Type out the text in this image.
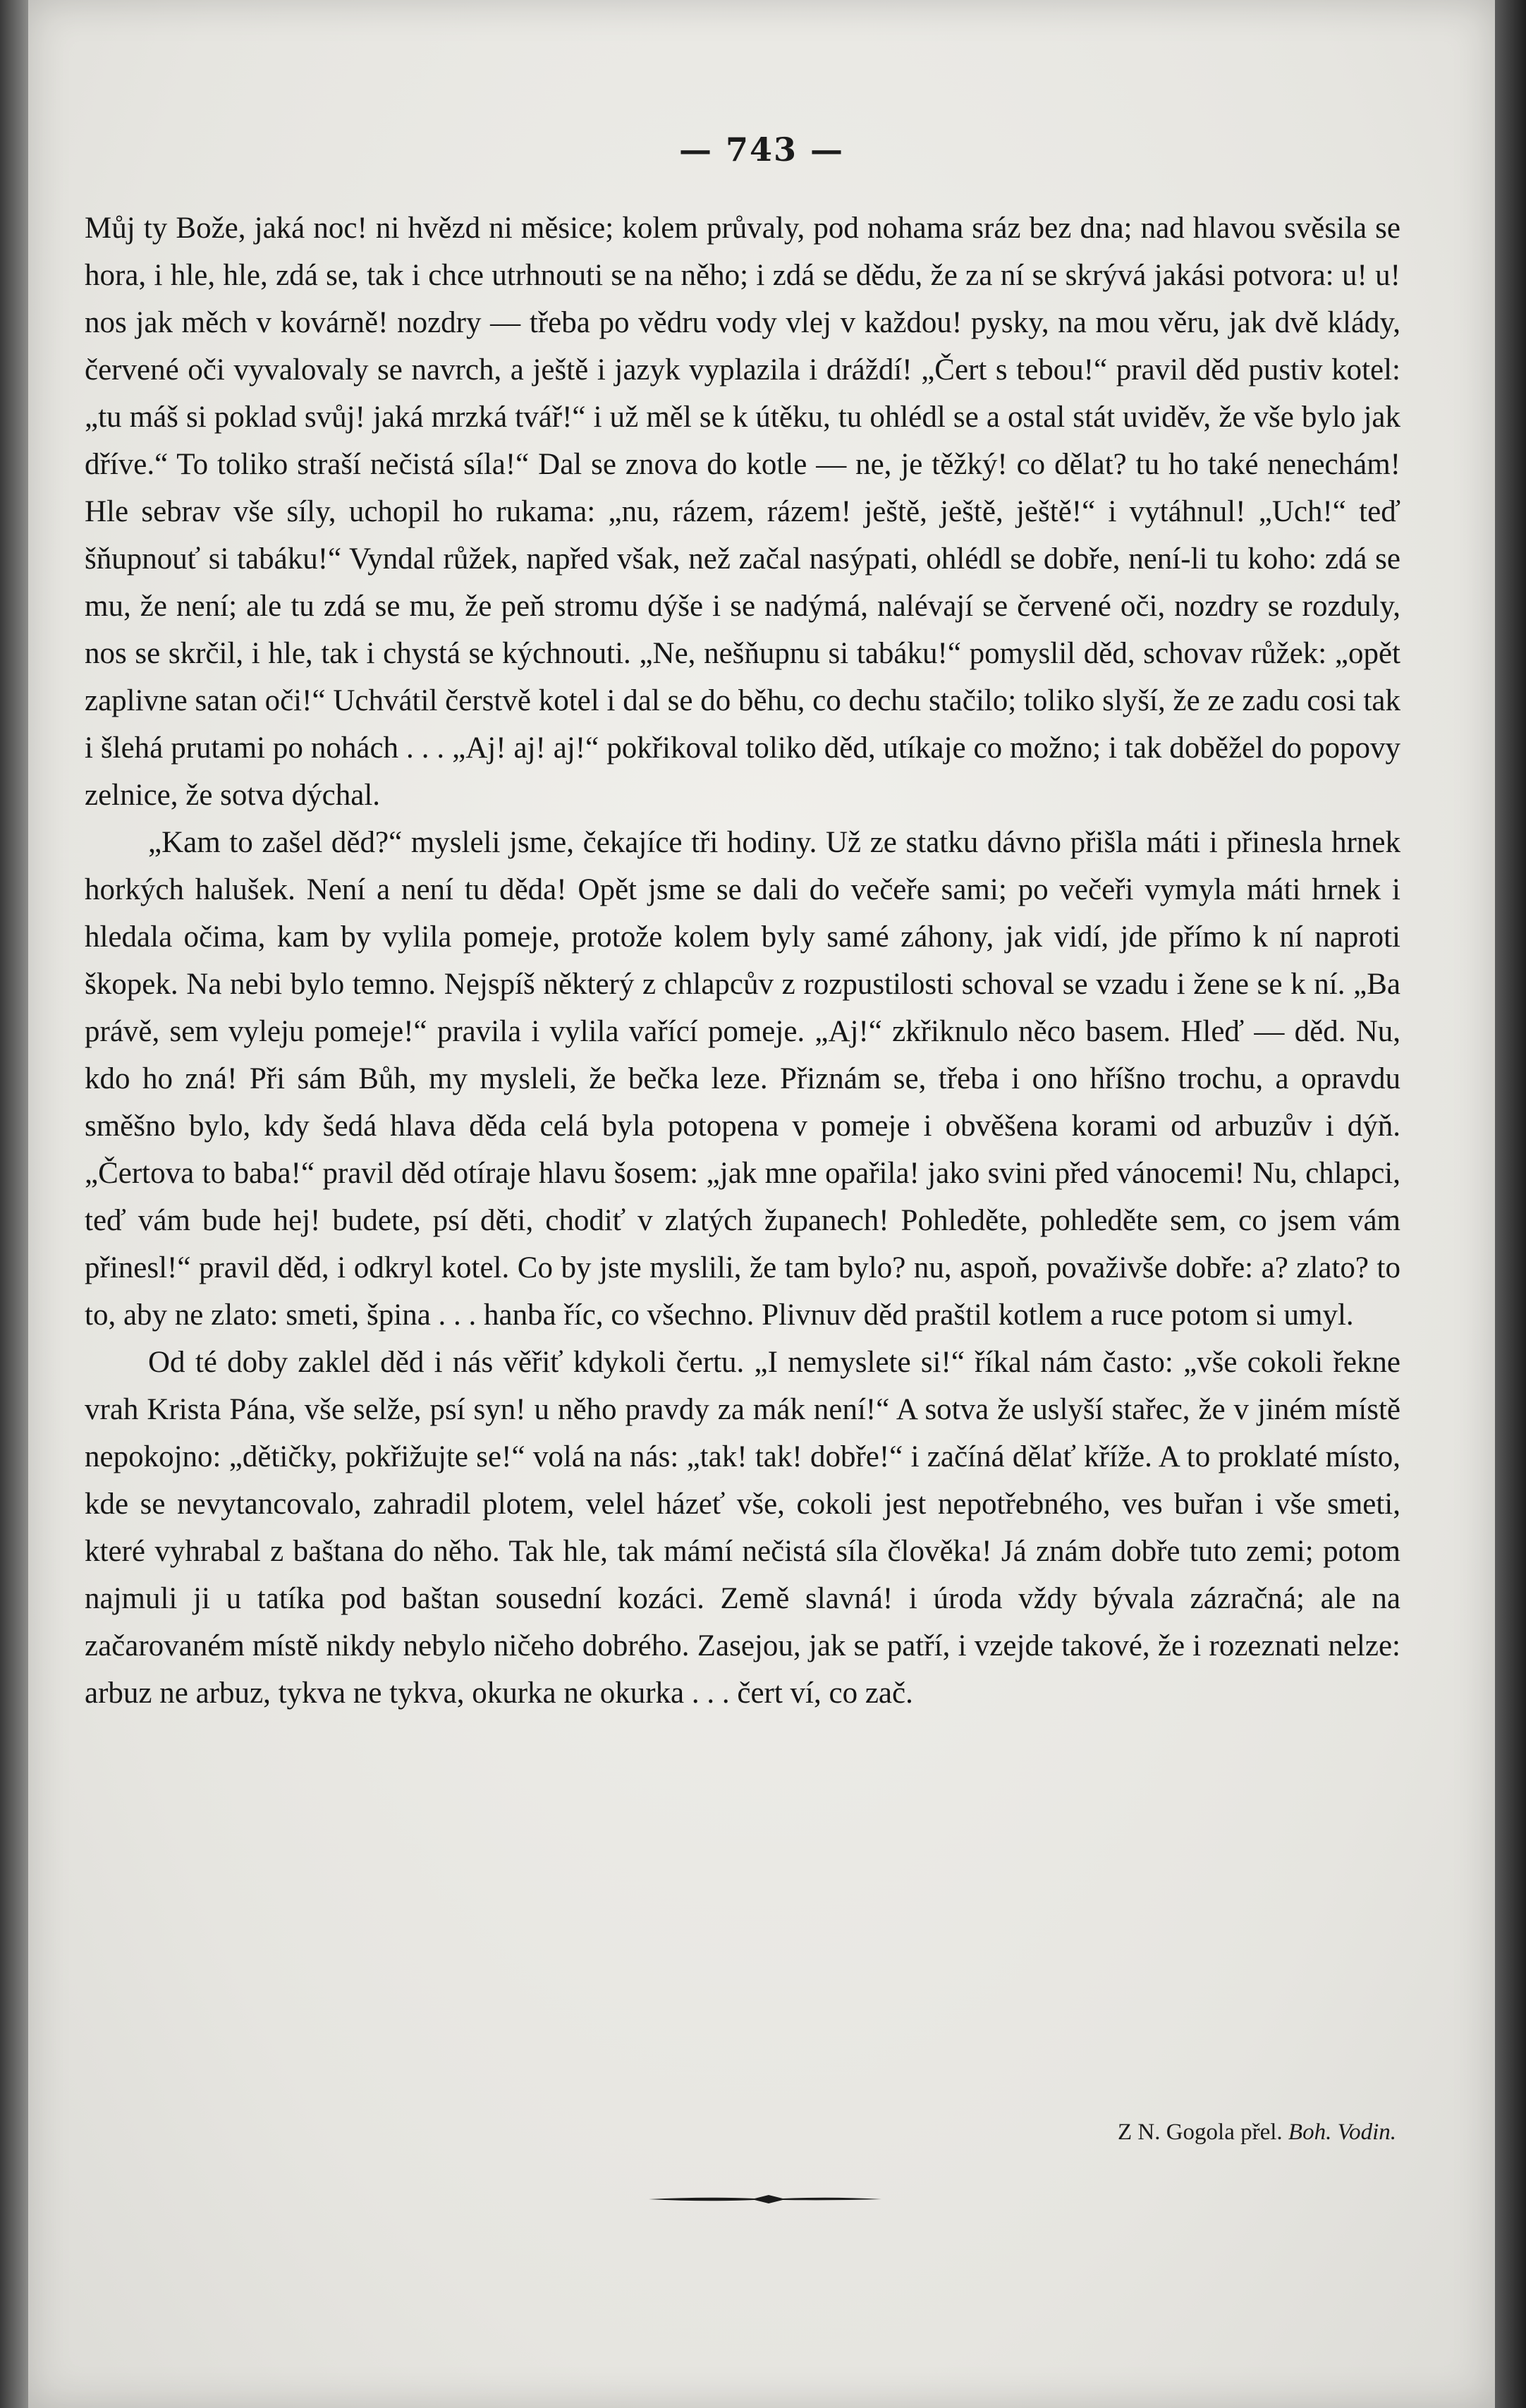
— 743 —

Můj ty Bože, jaká noc! ni hvězd ni měsice; kolem průvaly, pod nohama sráz bez dna; nad hlavou svěsila se hora, i hle, hle, zdá se, tak i chce utrhnouti se na něho; i zdá se dědu, že za ní se skrývá jakási potvora: u! u! nos jak měch v kovárně! nozdry — třeba po vědru vody vlej v každou! pysky, na mou věru, jak dvě klády, červené oči vyvalovaly se navrch, a ještě i jazyk vyplazila i dráždí! „Čert s tebou!“ pravil děd pustiv kotel: „tu máš si poklad svůj! jaká mrzká tvář!“ i už měl se k útěku, tu ohlédl se a ostal stát uviděv, že vše bylo jak dříve.“ To toliko straší nečistá síla!“ Dal se znova do kotle — ne, je těžký! co dělat? tu ho také nenechám! Hle sebrav vše síly, uchopil ho rukama: „nu, rázem, rázem! ještě, ještě, ještě!“ i vytáhnul! „Uch!“ teď šňupnouť si tabáku!“ Vyndal růžek, napřed však, než začal nasýpati, ohlédl se dobře, není-li tu koho: zdá se mu, že není; ale tu zdá se mu, že peň stromu dýše i se nadýmá, nalévají se červené oči, nozdry se rozduly, nos se skrčil, i hle, tak i chystá se kýchnouti. „Ne, nešňupnu si tabáku!“ pomyslil děd, schovav růžek: „opět zaplivne satan oči!“ Uchvátil čerstvě kotel i dal se do běhu, co dechu stačilo; toliko slyší, že ze zadu cosi tak i šlehá prutami po nohách . . . „Aj! aj! aj!“ pokřikoval toliko děd, utíkaje co možno; i tak doběžel do popovy zelnice, že sotva dýchal.

„Kam to zašel děd?“ mysleli jsme, čekajíce tři hodiny. Už ze statku dávno přišla máti i přinesla hrnek horkých halušek. Není a není tu děda! Opět jsme se dali do večeře sami; po večeři vymyla máti hrnek i hledala očima, kam by vylila pomeje, protože kolem byly samé záhony, jak vidí, jde přímo k ní naproti škopek. Na nebi bylo temno. Nejspíš některý z chlapcův z rozpustilosti schoval se vzadu i žene se k ní. „Ba právě, sem vyleju pomeje!“ pravila i vylila vařící pomeje. „Aj!“ zkřiknulo něco basem. Hleď — děd. Nu, kdo ho zná! Při sám Bůh, my mysleli, že bečka leze. Přiznám se, třeba i ono hříšno trochu, a opravdu směšno bylo, kdy šedá hlava děda celá byla potopena v pomeje i obvěšena korami od arbuzův i dýň. „Čertova to baba!“ pravil děd otíraje hlavu šosem: „jak mne opařila! jako svini před vánocemi! Nu, chlapci, teď vám bude hej! budete, psí děti, chodiť v zlatých županech! Pohleděte, pohleděte sem, co jsem vám přinesl!“ pravil děd, i odkryl kotel. Co by jste myslili, že tam bylo? nu, aspoň, považivše dobře: a? zlato? to to, aby ne zlato: smeti, špina . . . hanba říc, co všechno. Plivnuv děd praštil kotlem a ruce potom si umyl.

Od té doby zaklel děd i nás věřiť kdykoli čertu. „I nemyslete si!“ říkal nám často: „vše cokoli řekne vrah Krista Pána, vše selže, psí syn! u něho pravdy za mák není!“ A sotva že uslyší stařec, že v jiném místě nepokojno: „dětičky, pokřižujte se!“ volá na nás: „tak! tak! dobře!“ i začíná dělať kříže. A to proklaté místo, kde se nevytancovalo, zahradil plotem, velel házeť vše, cokoli jest nepotřebného, ves buřan i vše smeti, které vyhrabal z baštana do něho. Tak hle, tak mámí nečistá síla člověka! Já znám dobře tuto zemi; potom najmuli ji u tatíka pod baštan sousední kozáci. Země slavná! i úroda vždy bývala zázračná; ale na začarovaném místě nikdy nebylo ničeho dobrého. Zasejou, jak se patří, i vzejde takové, že i rozeznati nelze: arbuz ne arbuz, tykva ne tykva, okurka ne okurka . . . čert ví, co zač.

Z N. Gogola přel. Boh. Vodin.
